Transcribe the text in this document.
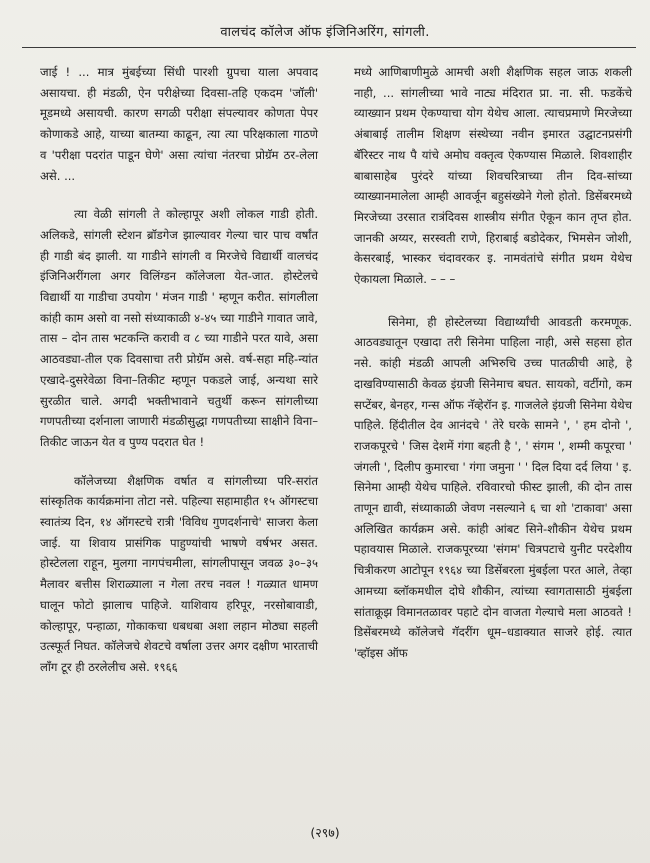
वालचंद कॉलेज ऑफ इंजिनिअरिंग, सांगली.

जाई ! ... मात्र मुंबईच्या सिंधी पारशी ग्रुपचा याला अपवाद असायचा. ही मंडळी, ऐन परीक्षेच्या दिवसा-तहि एकदम 'जॉली' मूडमध्ये असायची. कारण सगळी परीक्षा संपल्यावर कोणता पेपर कोणाकडे आहे, याच्या बातम्या काढून, त्या त्या परिक्षकाला गाठणे व 'परीक्षा पदरांत पाडून घेणे' असा त्यांचा नंतरचा प्रोग्रॅम ठर-लेला असे. ...

त्या वेळी सांगली ते कोल्हापूर अशी लोकल गाडी होती. अलिकडे, सांगली स्टेशन ब्रॉडगेज झाल्यावर गेल्या चार पाच वर्षांत ही गाडी बंद झाली. या गाडीने सांगली व मिरजेचे विद्यार्थी वालचंद इंजिनिअरींगला अगर विलिंग्डन कॉलेजला येत-जात. होस्टेलचे विद्यार्थी या गाडीचा उपयोग ' मंजन गाडी ' म्हणून करीत. सांगलीला कांही काम असो वा नसो संध्याकाळी ४-४५ च्या गाडीने गावात जावे, तास – दोन तास भटकन्ति करावी व ८ च्या गाडीने परत यावे, असा आठवड्या-तील एक दिवसाचा तरी प्रोग्रॅम असे. वर्ष-सहा महि-न्यांत एखादे-दुसरेवेळा विना–तिकीट म्हणून पकडले जाई, अन्यथा सारे सुरळीत चाले. अगदी भक्तीभावाने चतुर्थी करून सांगलीच्या गणपतीच्या दर्शनाला जाणारी मंडळीसुद्धा गणपतीच्या साक्षीने विना–तिकीट जाऊन येत व पुण्य पदरात घेत !

कॉलेजच्या शैक्षणिक वर्षात व सांगलीच्या परि-सरांत सांस्कृतिक कार्यक्रमांना तोटा नसे. पहिल्या सहामाहीत १५ ऑगस्टचा स्वातंत्र्य दिन, १४ ऑगस्टचे रात्री 'विविध गुणदर्शनाचे' साजरा केला जाई. या शिवाय प्रासंगिक पाहुण्यांची भाषणे वर्षभर असत. होस्टेलला राहून, मुलगा नागपंचमीला, सांगलीपासून जवळ ३०–३५ मैलावर बत्तीस शिराळ्याला न गेला तरच नवल ! गळ्यात धामण घालून फोटो झालाच पाहिजे. याशिवाय हरिपूर, नरसोबावाडी, कोल्हापूर, पन्हाळा, गोकाकचा धबधबा अशा लहान मोठ्या सहली उत्स्फूर्त निघत. कॉलेजचे शेवटचे वर्षाला उत्तर अगर दक्षीण भारताची लॉंग टूर ही ठरलेलीच असे. १९६६

मध्ये आणिबाणीमुळे आमची अशी शैक्षणिक सहल जाऊ शकली नाही, ... सांगलीच्या भावे नाट्य मंदिरात प्रा. ना. सी. फडकेंचे व्याख्यान प्रथम ऐकण्याचा योग येथेच आला. त्याचप्रमाणे मिरजेच्या अंबाबाई तालीम शिक्षण संस्थेच्या नवीन इमारत उद्घाटनप्रसंगी बॅरिस्टर नाथ पै यांचे अमोघ वक्तृत्व ऐकण्यास मिळाले. शिवशाहीर बाबासाहेब पुरंदरे यांच्या शिवचरित्राच्या तीन दिव-सांच्या व्याख्यानमालेला आम्ही आवर्जून बहुसंख्येने गेलो होतो. डिसेंबरमध्ये मिरजेच्या उरसात रात्रंदिवस शास्त्रीय संगीत ऐकून कान तृप्त होत. जानकी अय्यर, सरस्वती राणे, हिराबाई बडोदेकर, भिमसेन जोशी, केसरबाई, भास्कर चंदावरकर इ. नामवंतांचे संगीत प्रथम येथेच ऐकायला मिळाले. – – –

सिनेमा, ही होस्टेलच्या विद्यार्थ्यांची आवडती करमणूक. आठवड्यातून एखादा तरी सिनेमा पाहिला नाही, असे सहसा होत नसे. कांही मंडळी आपली अभिरुचि उच्च पातळीची आहे, हे दाखविण्यासाठी केवळ इंग्रजी सिनेमाच बघत. सायको, वर्टीगो, कम सप्टेंबर, बेनहर, गन्स ऑफ नॅव्हेरॉन इ. गाजलेले इंग्रजी सिनेमा येथेच पाहिले. हिंदीतील देव आनंदचे ' तेरे घरके सामने ', ' हम दोनो ', राजकपूरचे ' जिस देशमें गंगा बहती है ', ' संगम ', शम्मी कपूरचा ' जंगली ', दिलीप कुमारचा ' गंगा जमुना ' ' दिल दिया दर्द लिया ' इ. सिनेमा आम्ही येथेच पाहिले. रविवारचो फीस्ट झाली, की दोन तास ताणून द्यावी, संध्याकाळी जेवण नसल्याने ६ चा शो 'टाकावा' असा अलिखित कार्यक्रम असे. कांही आंबट सिने-शौकीन येथेच प्रथम पहावयास मिळाले. राजकपूरच्या 'संगम' चित्रपटाचे युनीट परदेशीय चित्रीकरण आटोपून १९६४ च्या डिसेंबरला मुंबईला परत आले, तेव्हा आमच्या ब्लॉकमधील दोघे शौकीन, त्यांच्या स्वागतासाठी मुंबईला सांताक्रूझ विमानतळावर पहाटे दोन वाजता गेल्याचे मला आठवते ! डिसेंबरमध्ये कॉलेजचे गॅदरींग धूम–धडाक्यात साजरे होई. त्यात 'व्हॉइस ऑफ

(२९७)
